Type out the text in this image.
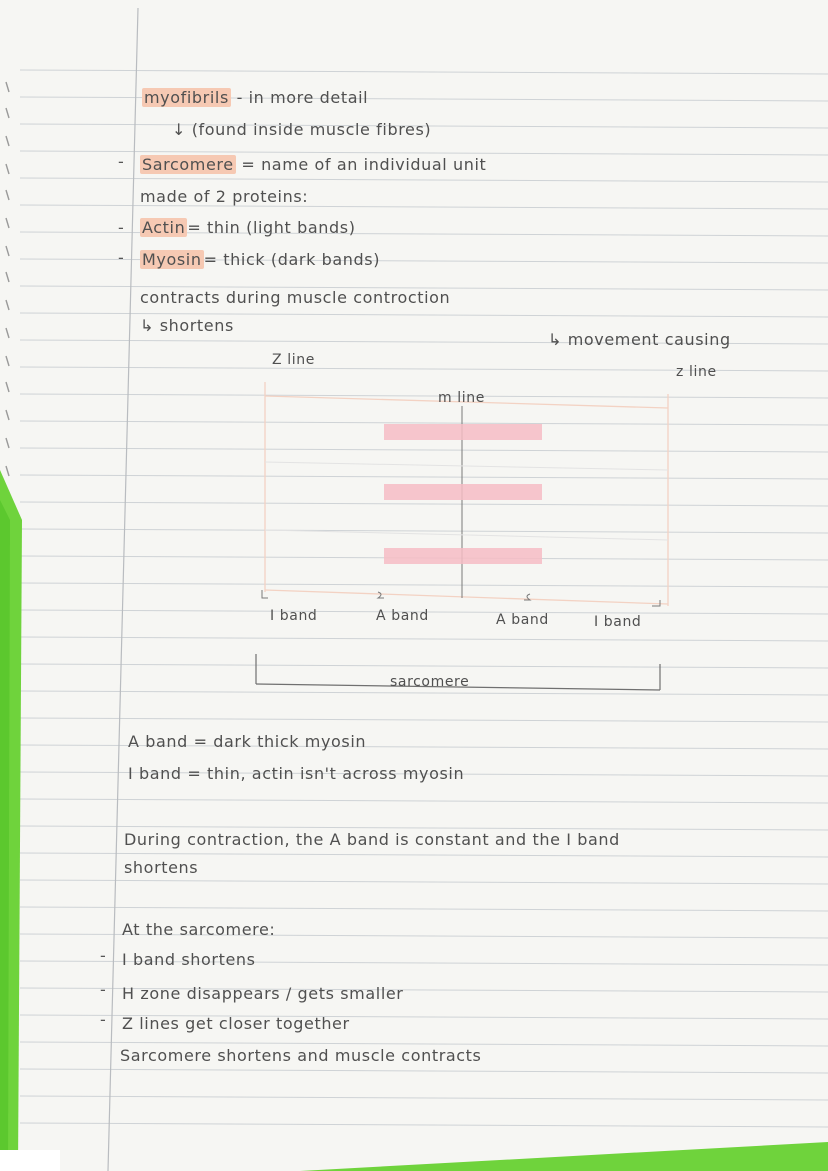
-
-
-
-
-
-
myofibrils - in more detail
↓ (found inside muscle fibres)
Sarcomere = name of an individual unit
made of 2 proteins:
Actin = thin (light bands)
Myosin = thick (dark bands)
contracts during muscle controction
↳ shortens
↳ movement causing
Z line
z line
m line
I band	A band	A band	I band
sarcomere
A band = dark thick myosin
I band = thin, actin isn't across myosin
During contraction, the A band is constant and the I band
shortens
At the sarcomere:
I band shortens
H zone disappears / gets smaller
Z lines get closer together
Sarcomere shortens and muscle contracts
